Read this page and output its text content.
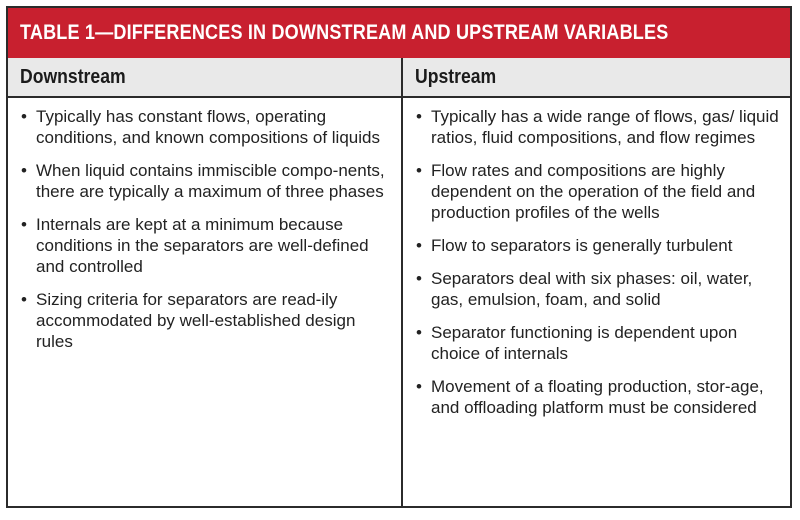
TABLE 1—DIFFERENCES IN DOWNSTREAM AND UPSTREAM VARIABLES
Downstream	Upstream
• Typically has constant flows, operating conditions, and known compositions of liquids
• When liquid contains immiscible compo-nents, there are typically a maximum of three phases
• Internals are kept at a minimum because conditions in the separators are well-defined and controlled
• Sizing criteria for separators are read-ily accommodated by well-established design rules
• Typically has a wide range of flows, gas/ liquid ratios, fluid compositions, and flow regimes
• Flow rates and compositions are highly dependent on the operation of the field and production profiles of the wells
• Flow to separators is generally turbulent
• Separators deal with six phases: oil, water, gas, emulsion, foam, and solid
• Separator functioning is dependent upon choice of internals
• Movement of a floating production, stor-age, and offloading platform must be considered
